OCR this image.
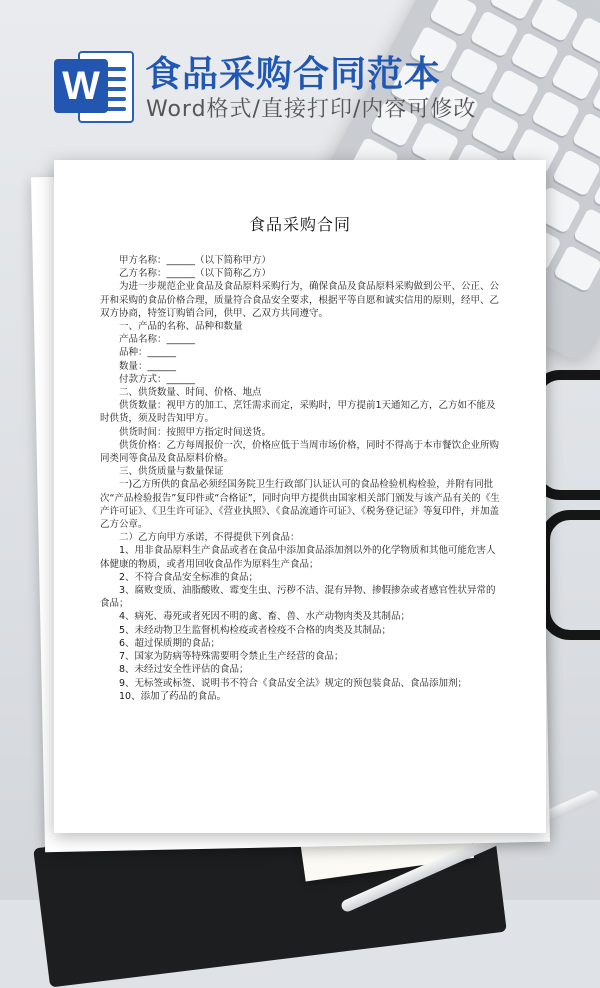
W 食品采购合同范本
Word格式/直接打印/内容可修改
食品采购合同

甲方名称：______（以下简称甲方）

乙方名称：______（以下简称乙方）

为进一步规范企业食品及食品原料采购行为，确保食品及食品原料采购做到公平、公正、公开和采购的食品价格合理，质量符合食品安全要求，根据平等自愿和诚实信用的原则，经甲、乙双方协商，特签订购销合同，供甲、乙双方共同遵守。

一、产品的名称、品种和数量

产品名称：______

品种：______

数量：______

付款方式：______

二、供货数量、时间、价格、地点

供货数量：视甲方的加工、烹饪需求而定，采购时，甲方提前1天通知乙方，乙方如不能及时供货，须及时告知甲方。

供货时间：按照甲方指定时间送货。

供货价格：乙方每周报价一次，价格应低于当周市场价格，同时不得高于本市餐饮企业所购同类同等食品及食品原料价格。

三、供货质量与数量保证

一)乙方所供的食品必须经国务院卫生行政部门认证认可的食品检验机构检验，并附有同批次“产品检验报告”复印件或“合格证”，同时向甲方提供由国家相关部门颁发与该产品有关的《生产许可证》、《卫生许可证》、《营业执照》、《食品流通许可证》、《税务登记证》等复印件，并加盖乙方公章。

二）乙方向甲方承诺，不得提供下列食品：

1、用非食品原料生产食品或者在食品中添加食品添加剂以外的化学物质和其他可能危害人体健康的物质，或者用回收食品作为原料生产食品；

2、不符合食品安全标准的食品；

3、腐败变质、油脂酸败、霉变生虫、污秽不洁、混有异物、掺假掺杂或者感官性状异常的食品；

4、病死、毒死或者死因不明的禽、畜、兽、水产动物肉类及其制品；

5、未经动物卫生监督机构检疫或者检疫不合格的肉类及其制品；

6、超过保质期的食品；

7、国家为防病等特殊需要明令禁止生产经营的食品；

8、未经过安全性评估的食品；

9、无标签或标签、说明书不符合《食品安全法》规定的预包装食品、食品添加剂；

10、添加了药品的食品。
